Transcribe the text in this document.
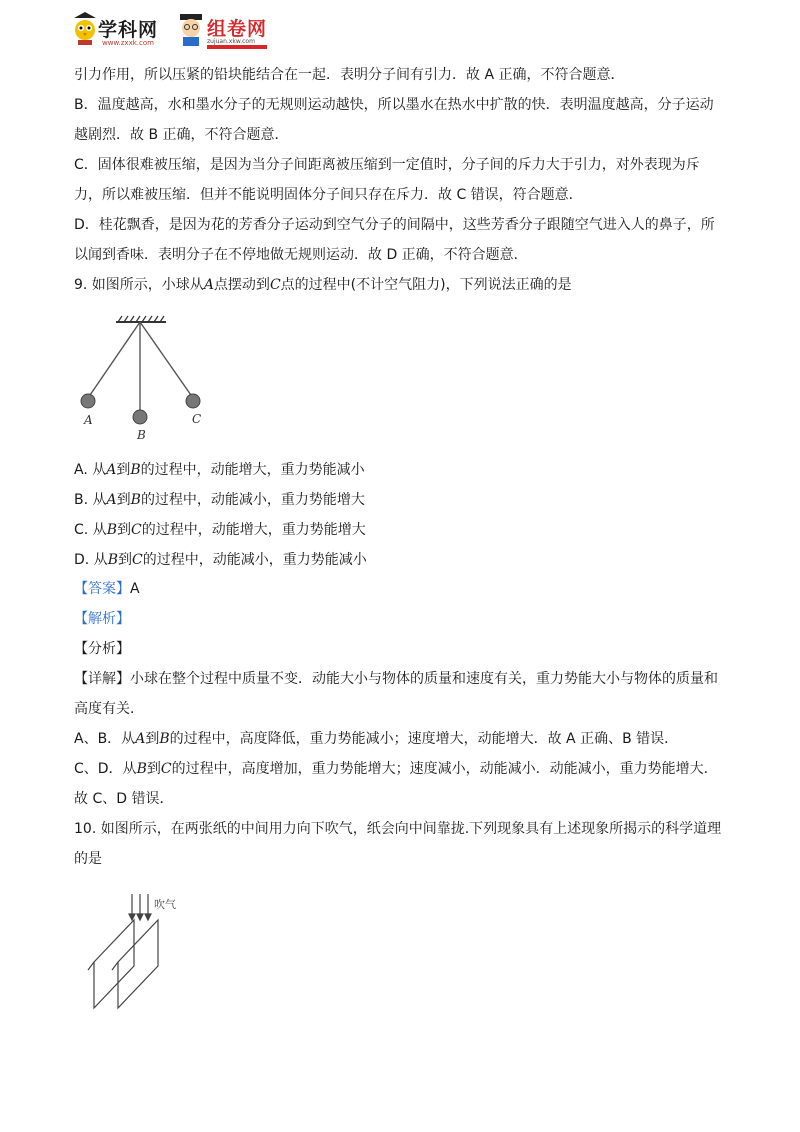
学科网
www.zxxk.com
组卷网
zujuan.xkw.com

引力作用，所以压紧的铅块能结合在一起．表明分子间有引力．故 A 正确，不符合题意．

B．温度越高，水和墨水分子的无规则运动越快，所以墨水在热水中扩散的快．表明温度越高，分子运动越剧烈．故 B 正确，不符合题意．

C．固体很难被压缩，是因为当分子间距离被压缩到一定值时，分子间的斥力大于引力，对外表现为斥力，所以难被压缩．但并不能说明固体分子间只存在斥力．故 C 错误，符合题意．

D．桂花飘香，是因为花的芳香分子运动到空气分子的间隔中，这些芳香分子跟随空气进入人的鼻子，所以闻到香味．表明分子在不停地做无规则运动．故 D 正确，不符合题意．

9. 如图所示，小球从A点摆动到C点的过程中(不计空气阻力)，下列说法正确的是

A
B
C

A. 从A到B的过程中，动能增大，重力势能减小

B. 从A到B的过程中，动能减小，重力势能增大

C. 从B到C的过程中，动能增大，重力势能增大

D. 从B到C的过程中，动能减小，重力势能减小

【答案】A

【解析】

【分析】

【详解】小球在整个过程中质量不变．动能大小与物体的质量和速度有关，重力势能大小与物体的质量和高度有关．

A、B．从A到B的过程中，高度降低，重力势能减小；速度增大，动能增大．故 A 正确、B 错误．

C、D．从B到C的过程中，高度增加，重力势能增大；速度减小，动能减小．动能减小，重力势能增大．故 C、D 错误．

10. 如图所示，在两张纸的中间用力向下吹气，纸会向中间靠拢.下列现象具有上述现象所揭示的科学道理的是

吹气
